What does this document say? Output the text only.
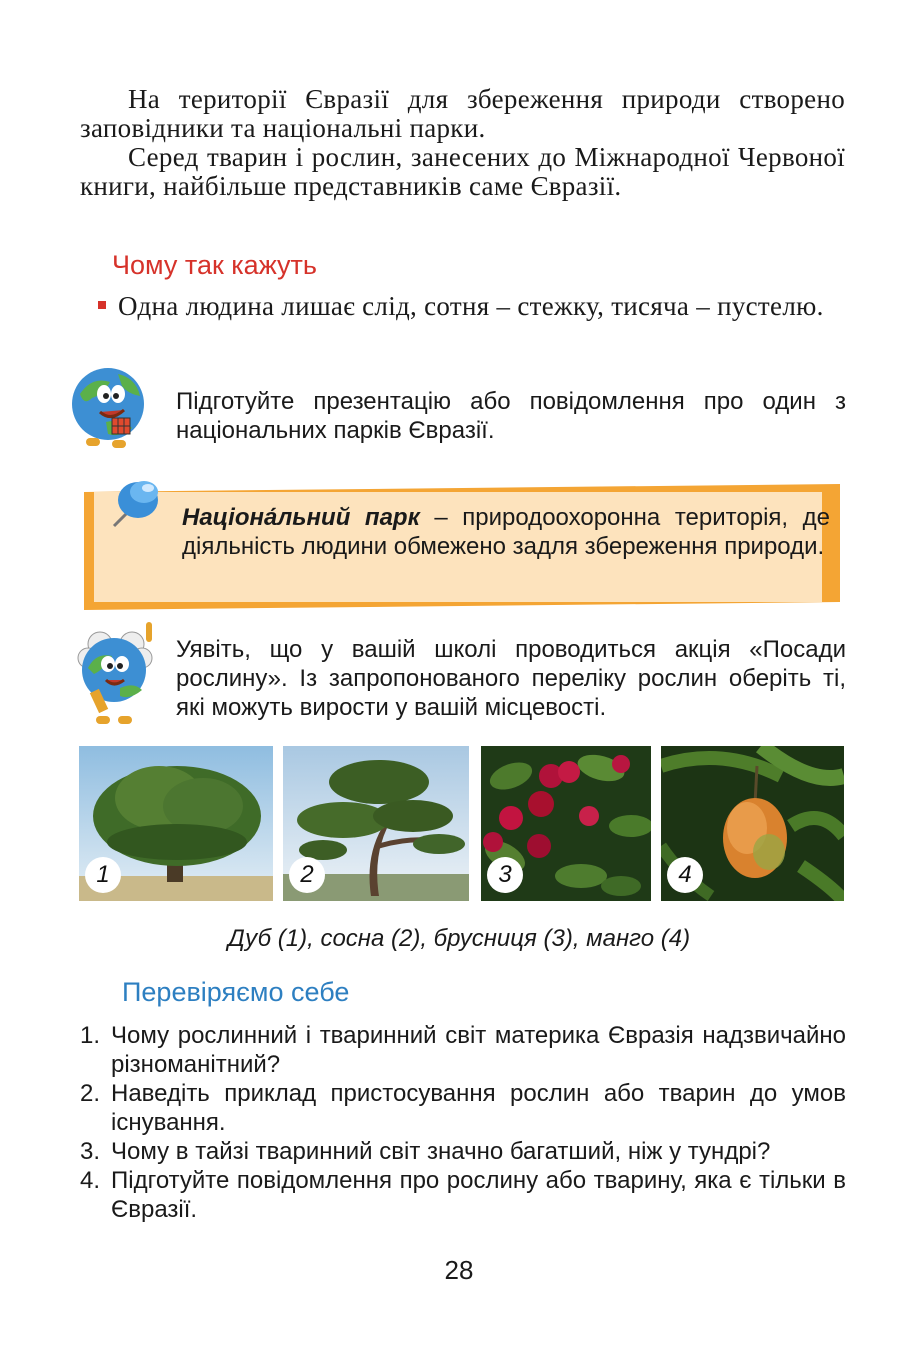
На території Євразії для збереження природи створено заповідники та національні парки.

Серед тварин і рослин, занесених до Міжнародної Червоної книги, найбільше представників саме Євразії.

Чому так кажуть

Одна людина лишає слід, сотня – стежку, тисяча – пустелю.

Підготуйте презентацію або повідомлення про один з національних парків Євразії.

Націона́льний парк – природоохоронна територія, де діяльність людини обмежено задля збереження природи.

Уявіть, що у вашій школі проводиться акція «Посади рослину». Із запропонованого переліку рослин оберіть ті, які можуть вирости у вашій місцевості.

1	2	3	4
Дуб (1), сосна (2), брусниця (3), манго (4)
Перевіряємо себе
1. Чому рослинний і тваринний світ материка Євразія надзвичайно різноманітний?
2. Наведіть приклад пристосування рослин або тварин до умов існування.
3. Чому в тайзі тваринний світ значно багатший, ніж у тундрі?
4. Підготуйте повідомлення про рослину або тварину, яка є тільки в Євразії.
28
